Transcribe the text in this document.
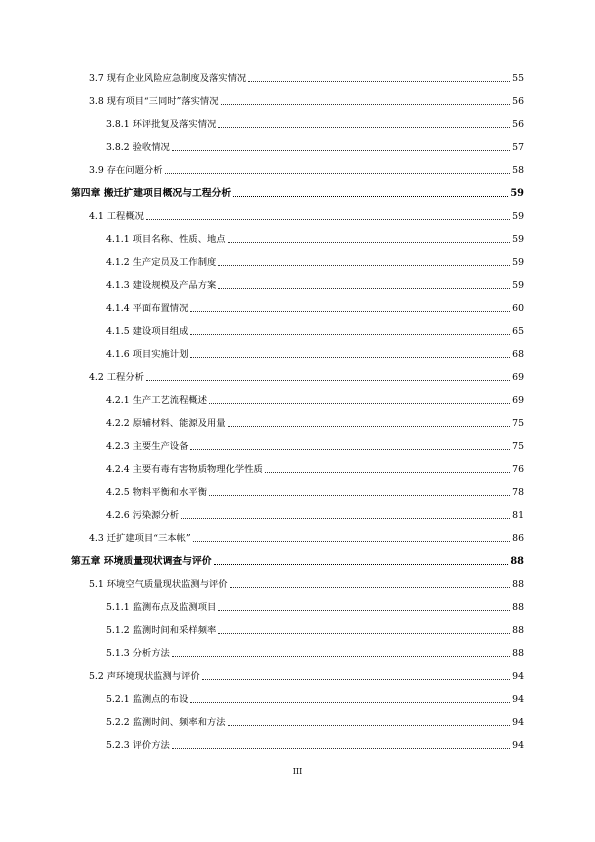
3.7 现有企业风险应急制度及落实情况	55
3.8 现有项目“三同时”落实情况	56
3.8.1 环评批复及落实情况	56
3.8.2 验收情况	57
3.9 存在问题分析	58
第四章 搬迁扩建项目概况与工程分析	59
4.1 工程概况	59
4.1.1 项目名称、性质、地点	59
4.1.2 生产定员及工作制度	59
4.1.3 建设规模及产品方案	59
4.1.4 平面布置情况	60
4.1.5 建设项目组成	65
4.1.6 项目实施计划	68
4.2 工程分析	69
4.2.1 生产工艺流程概述	69
4.2.2 原辅材料、能源及用量	75
4.2.3 主要生产设备	75
4.2.4 主要有毒有害物质物理化学性质	76
4.2.5 物料平衡和水平衡	78
4.2.6 污染源分析	81
4.3 迁扩建项目“三本帐”	86
第五章 环境质量现状调查与评价	88
5.1 环境空气质量现状监测与评价	88
5.1.1 监测布点及监测项目	88
5.1.2 监测时间和采样频率	88
5.1.3 分析方法	88
5.2 声环境现状监测与评价	94
5.2.1 监测点的布设	94
5.2.2 监测时间、频率和方法	94
5.2.3 评价方法	94
III
